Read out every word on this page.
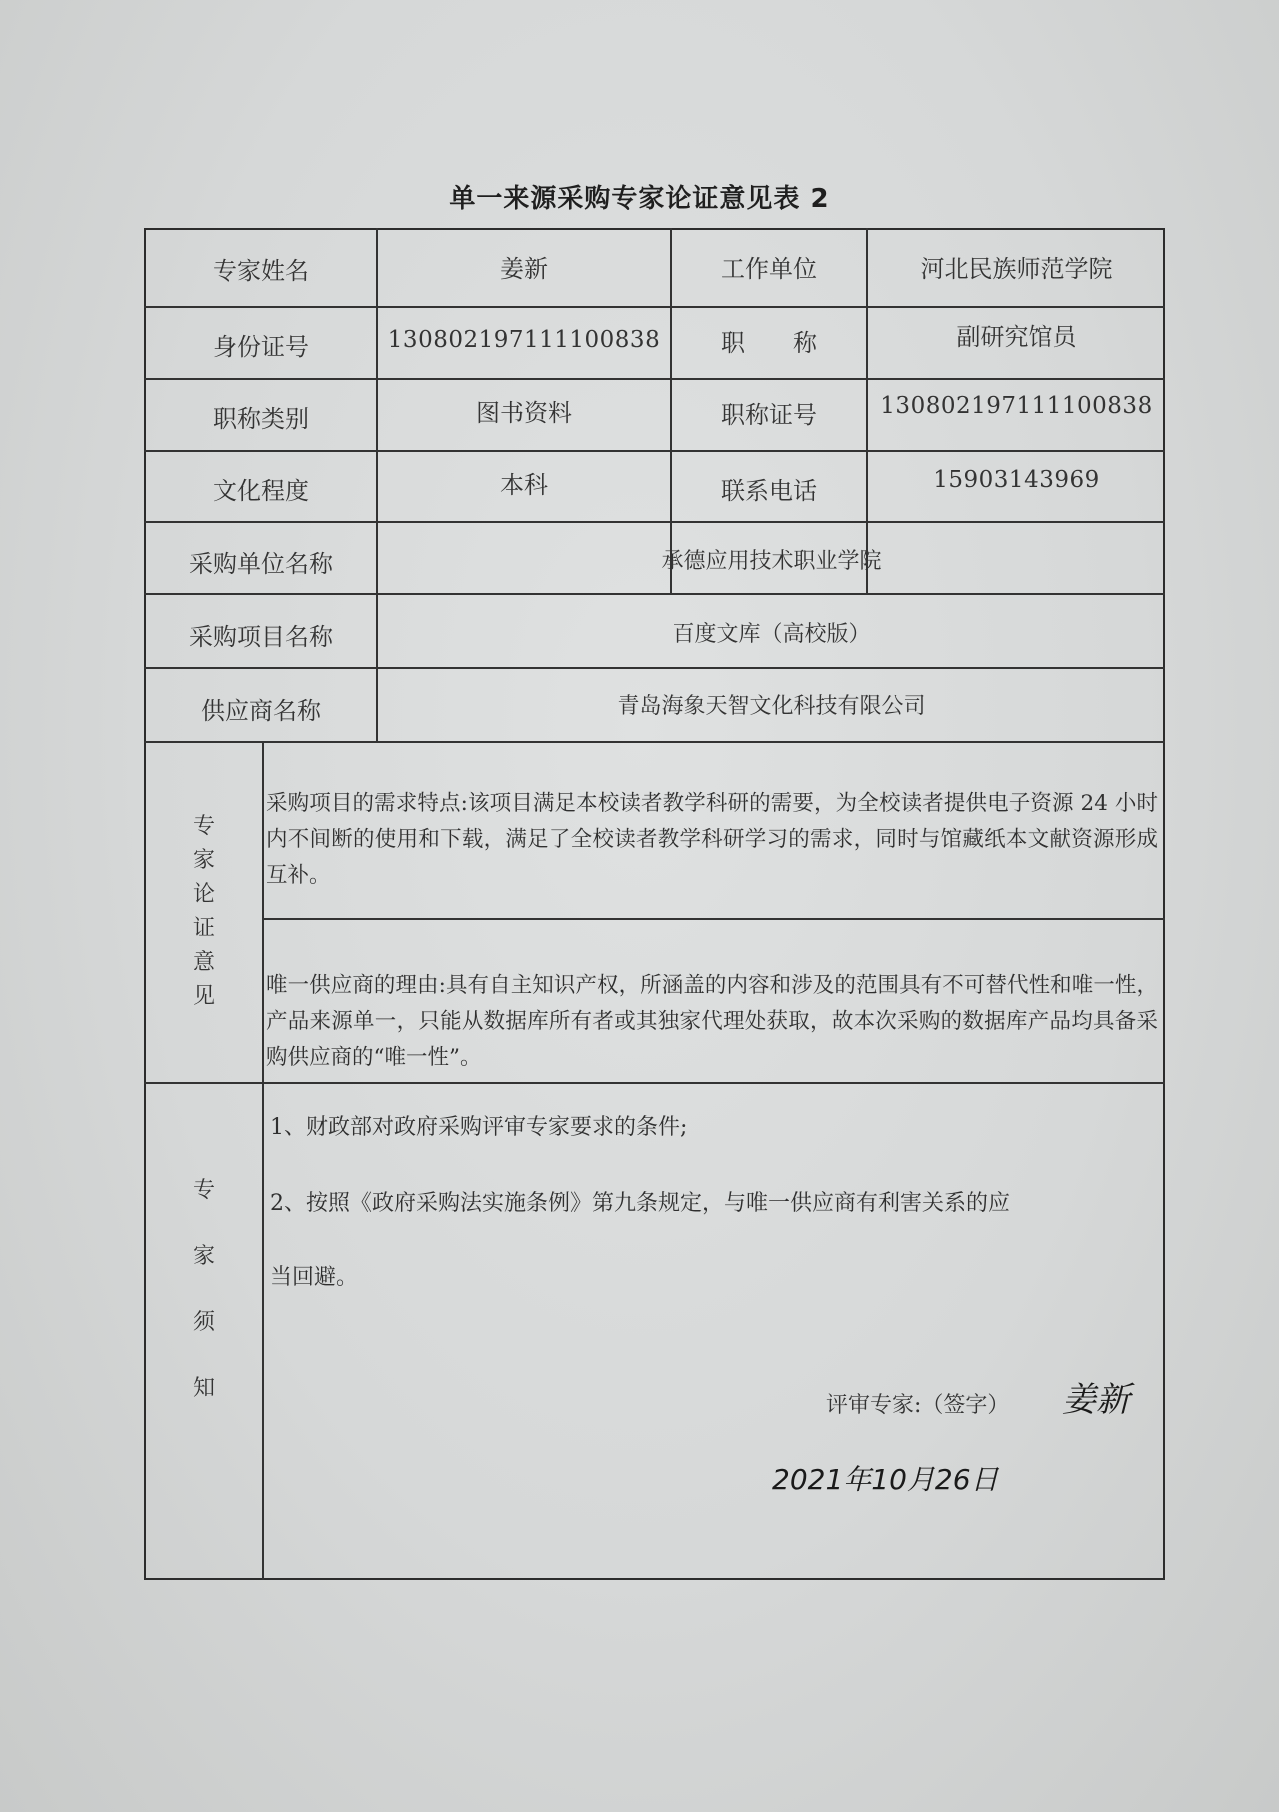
单一来源采购专家论证意见表 2
专家姓名	姜新	工作单位	河北民族师范学院
身份证号	130802197111100838	职　　称	副研究馆员
职称类别	图书资料	职称证号	130802197111100838
文化程度	本科	联系电话	15903143969
采购单位名称	承德应用技术职业学院
采购项目名称	百度文库（高校版）
供应商名称	青岛海象天智文化科技有限公司
专
家
论
证
意
见
采购项目的需求特点:该项目满足本校读者教学科研的需要，为全校读者提供电子资源 24 小时内不间断的使用和下载，满足了全校读者教学科研学习的需求，同时与馆藏纸本文献资源形成互补。
唯一供应商的理由:具有自主知识产权，所涵盖的内容和涉及的范围具有不可替代性和唯一性，产品来源单一，只能从数据库所有者或其独家代理处获取，故本次采购的数据库产品均具备采购供应商的“唯一性”。
专
家
须
知
1、财政部对政府采购评审专家要求的条件;
2、按照《政府采购法实施条例》第九条规定，与唯一供应商有利害关系的应
当回避。
评审专家:（签字） 姜新
2021年10月26日
